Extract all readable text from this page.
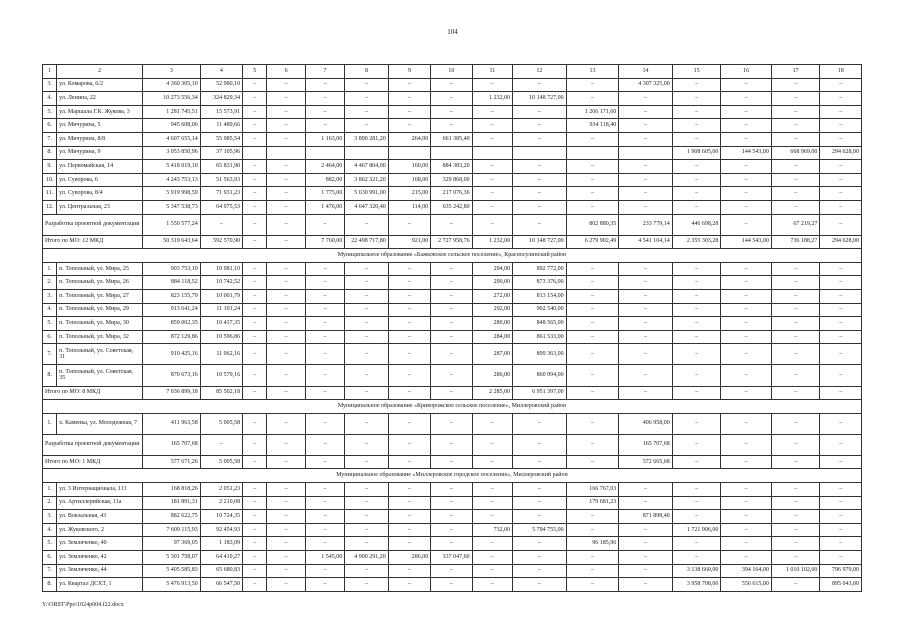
104
1	2	3	4	5	6	7	8	9	10	11	12	13	14	15	16	17	18
3.	ул. Комарова, 6/2	4 360 305,10	52 980,10	–	–	–	–	–	–	–	–	–	4 307 325,00	–	–	–	–
4.	ул. Ленина, 22	10 273 556,34	324 829,34	–	–	–	–	–	–	1 232,00	10 148 727,00	–	–	–	–	–	–
5.	ул. Маршала Г.К. Жукова, 3	1 281 745,51	15 573,91	–	–	–	–	–	–	–	–	1 266 171,60	–	–	–	–	–
6.	ул. Мичурина, 5	945 608,06	11 489,66	–	–	–	–	–	–	–	–	934 118,40	–	–	–	–	–
7.	ул. Мичурина, 8/8	4 607 655,14	55 985,54	–	–	1 163,00	3 890 281,20	264,00	661 385,40	–	–	–	–	–	–	–	–
8.	ул. Мичурина, 9	3 053 850,96	37 105,96											1 908 605,00	144 543,00	668 969,00	294 628,00
9.	ул. Первомайская, 14	5 418 019,10	65 831,90	–	–	2 464,00	4 467 804,00	160,00	884 383,20	–	–	–	–	–	–	–	–
10.	ул. Суворова, 6	4 243 753,13	51 563,93	–	–	882,00	3 862 321,20	168,00	329 868,00	–	–	–	–	–	–	–	–
11.	ул. Суворова, 8/4	5 919 998,59	71 931,23	–	–	1 775,00	5 630 991,00	215,00	217 076,36	–	–	–	–	–	–	–	–
12.	ул. Центральная, 23	5 347 538,73	64 975,53	–	–	1 476,00	4 647 320,40	114,00	635 242,80	–	–	–	–	–	–	–	–
Разработка проектной документации		1 550 577,24	–	–	–	–	–	–	–	–	–	802 880,35	233 779,14	446 698,28	–	67 219,27	–
Итого по МО: 12 МКД		50 319 643,64	592 570,90	–	–	7 760,00	22 498 717,80	921,00	2 727 958,76	1 232,00	10 148 727,00	6 279 902,49	4 541 104,14	2 355 303,28	144 543,00	736 188,27	294 628,00
Муниципальное образование «Бажковское сельское поселение», Красносулинский район																	
1.	п. Топольный, ул. Мира, 25	903 753,10	10 981,10	–	–	–	–	–	–	294,00	892 772,00	–	–	–	–	–	–
2.	п. Топольный, ул. Мира, 26	884 118,52	10 742,52	–	–	–	–	–	–	290,00	873 376,00	–	–	–	–	–	–
3.	п. Топольный, ул. Мира, 27	823 155,79	10 001,79	–	–	–	–	–	–	272,00	813 154,00	–	–	–	–	–	–
4.	п. Топольный, ул. Мира, 29	913 641,24	11 101,24	–	–	–	–	–	–	292,00	902 540,00	–	–	–	–	–	–
5.	п. Топольный, ул. Мира, 30	859 002,35	10 437,35	–	–	–	–	–	–	280,00	848 565,00	–	–	–	–	–	–
6.	п. Топольный, ул. Мира, 32	872 129,86	10 596,86	–	–	–	–	–	–	284,00	861 533,00	–	–	–	–	–	–
7.	п. Топольный, ул. Советская, 31	910 425,16	11 062,16	–	–	–	–	–	–	287,00	899 363,00	–	–	–	–	–	–
8.	п. Топольный, ул. Советская, 35	870 673,16	10 579,16	–	–	–	–	–	–	286,00	860 094,00	–	–	–	–	–	–
Итого по МО: 8 МКД		7 036 899,18	85 502,18	–	–	–	–	–	–	2 285,00	6 951 397,00	–	–	–	–	–	–
Муниципальное образование «Криворожское сельское поселение», Миллеровский район																	
1.	х. Каменка, ул. Молодежная, 7	411 963,58	5 005,58	–	–	–	–	–	–	–	–	–	406 958,00	–	–	–	–
Разработка проектной документации		165 707,68	–	–	–	–	–	–	–	–	–	–	165 707,68	–	–	–	–
Итого по МО: 1 МКД		577 671,26	5 005,58	–	–	–	–	–	–	–	–	–	572 665,68	–	–	–	–
Муниципальное образование «Миллеровское городское поселение», Миллеровский район																	
1.	ул. 3 Интернационала, 111	168 818,26	2 051,23	–	–	–	–	–	–	–	–	166 767,03	–	–	–	–	–
2.	ул. Артиллерийская, 11а	181 891,31	2 210,08	–	–	–	–	–	–	–	–	179 681,23	–	–	–	–	–
3.	ул. Вокзальная, 43	882 622,75	10 724,35	–	–	–	–	–	–	–	–	–	871 898,40	–	–	–	–
4.	ул. Жуковского, 2	7 609 115,93	92 454,93	–	–	–	–	–	–	732,00	5 794 755,00	–	–	1 721 906,00	–	–	–
5.	ул. Земляченко, 40	97 369,05	1 183,09	–	–	–	–	–	–	–	–	96 185,96	–	–	–	–	–
6.	ул. Земляченко, 42	5 301 758,07	64 419,27	–	–	1 545,00	4 900 291,20	286,00	337 047,60	–	–	–	–	–	–	–	–
7.	ул. Земляченко, 44	5 405 585,83	65 680,83	–	–	–	–	–	–	–	–	–	–	3 138 660,00	394 164,00	1 010 102,00	796 979,00
8.	ул. Квартал ДСХТ, 1	5 476 913,50	66 547,50	–	–	–	–	–	–	–	–	–	–	3 958 708,00	556 615,00	–	895 043,00
Y:\ORST\Ppo\1024p004.f22.docx
